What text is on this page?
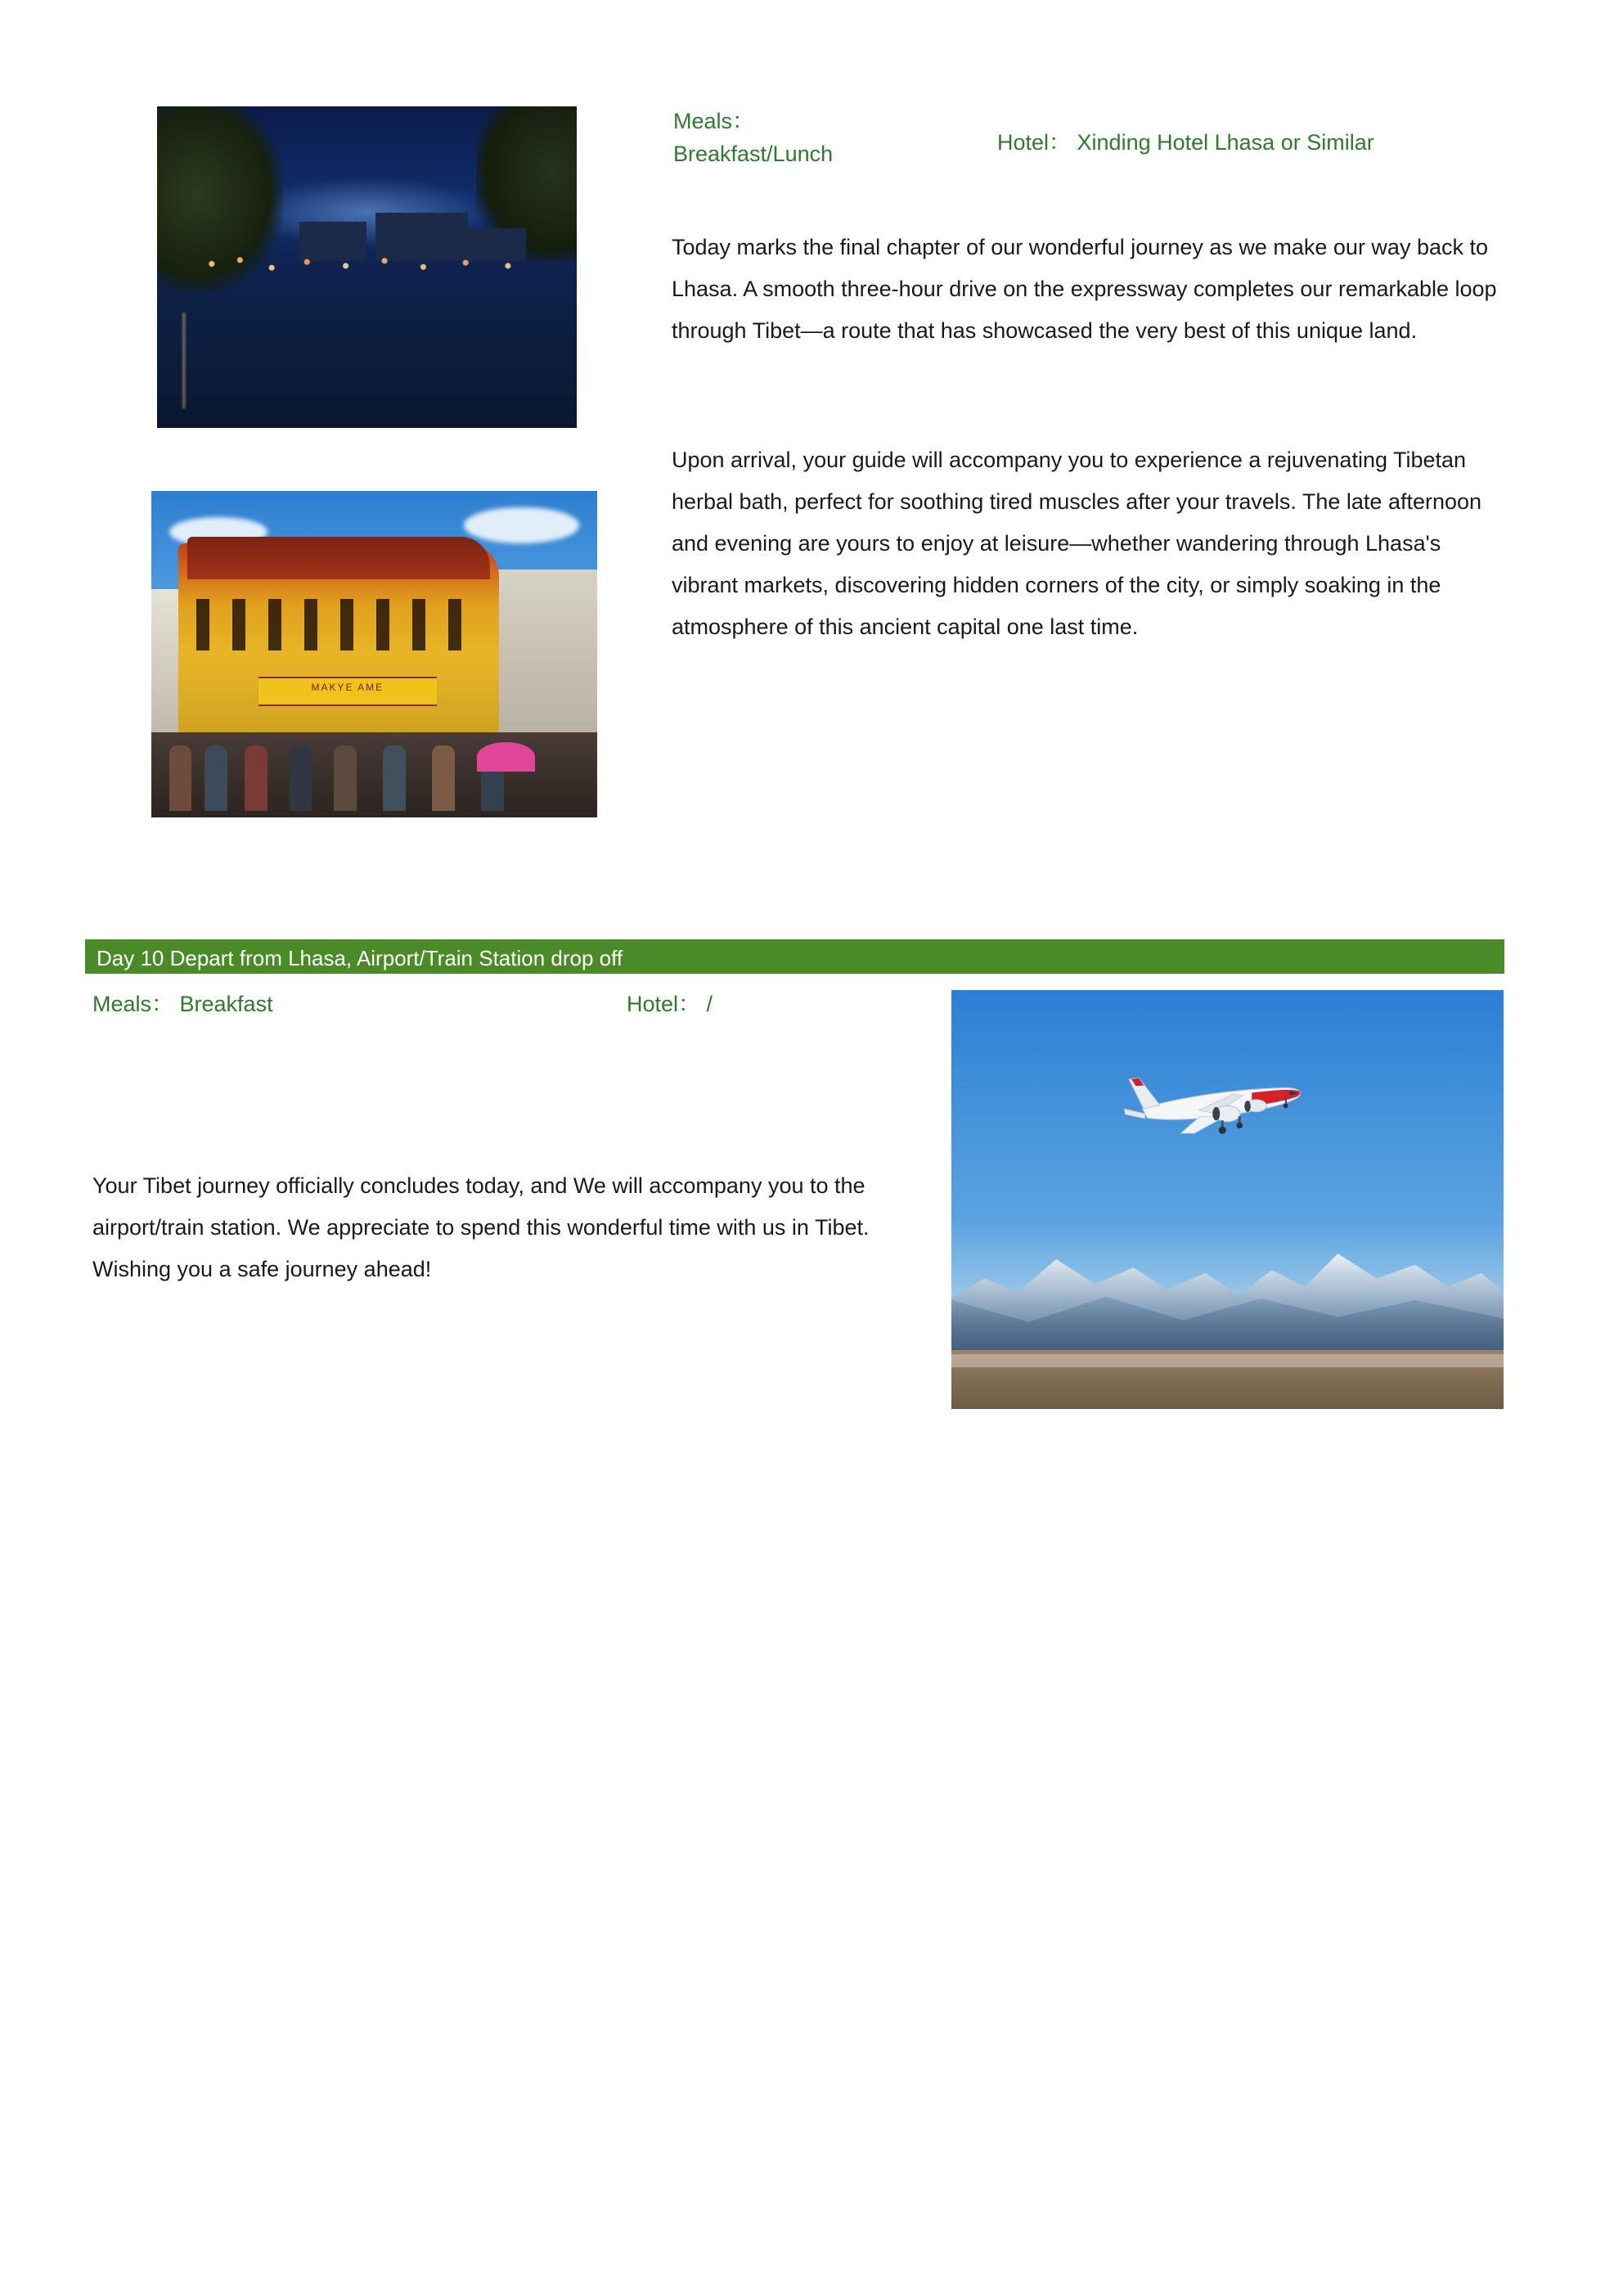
MAKYE AME
Meals：
Breakfast/Lunch	Hotel： Xinding Hotel Lhasa or Similar
Today marks the final chapter of our wonderful journey as we make our way back to Lhasa. A smooth three-hour drive on the expressway completes our remarkable loop through Tibet—a route that has showcased the very best of this unique land.
Upon arrival, your guide will accompany you to experience a rejuvenating Tibetan herbal bath, perfect for soothing tired muscles after your travels. The late afternoon and evening are yours to enjoy at leisure—whether wandering through Lhasa's vibrant markets, discovering hidden corners of the city, or simply soaking in the atmosphere of this ancient capital one last time.
Day 10 Depart from Lhasa, Airport/Train Station drop off
Meals： Breakfast	Hotel： /
Your Tibet journey officially concludes today, and We will accompany you to the airport/train station. We appreciate to spend this wonderful time with us in Tibet. Wishing you a safe journey ahead!
